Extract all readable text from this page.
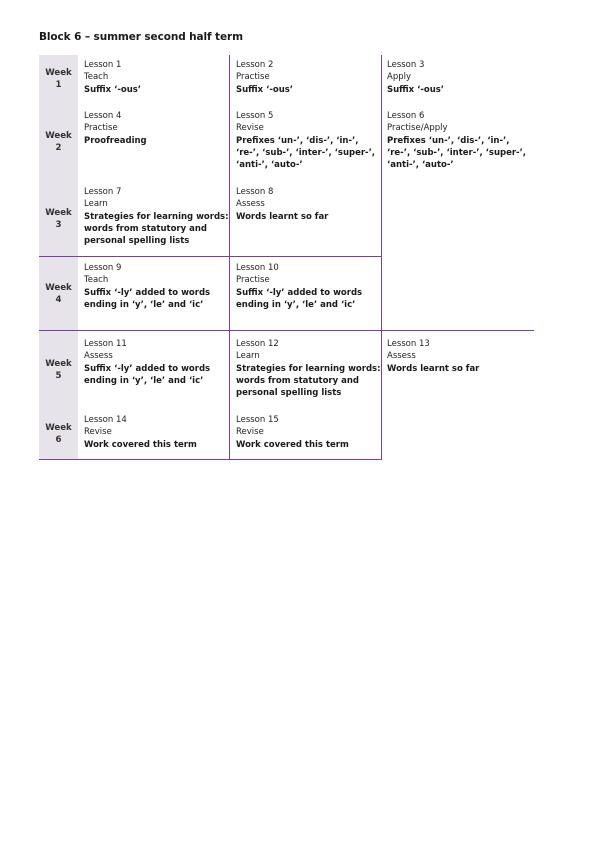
Block 6 – summer second half term
Week
1
Week
2
Week
3
Week
4
Week
5
Week
6
Lesson 1
Teach
Suffix ‘-ous’
Lesson 2
Practise
Suffix ‘-ous’
Lesson 3
Apply
Suffix ‘-ous’
Lesson 4
Practise
Proofreading
Lesson 5
Revise
Prefixes ‘un-’, ‘dis-’, ‘in-’, ‘re-’, ‘sub-’, ‘inter-’, ‘super-’, ‘anti-’, ‘auto-’
Lesson 6
Practise/Apply
Prefixes ‘un-’, ‘dis-’, ‘in-’, ‘re-’, ‘sub-’, ‘inter-’, ‘super-’, ‘anti-’, ‘auto-’
Lesson 7
Learn
Strategies for learning words: words from statutory and personal spelling lists
Lesson 8
Assess
Words learnt so far
Lesson 9
Teach
Suffix ‘-ly’ added to words ending in ‘y’, ‘le’ and ‘ic’
Lesson 10
Practise
Suffix ‘-ly’ added to words ending in ‘y’, ‘le’ and ‘ic’
Lesson 11
Assess
Suffix ‘-ly’ added to words ending in ‘y’, ‘le’ and ‘ic’
Lesson 12
Learn
Strategies for learning words: words from statutory and personal spelling lists
Lesson 13
Assess
Words learnt so far
Lesson 14
Revise
Work covered this term
Lesson 15
Revise
Work covered this term
